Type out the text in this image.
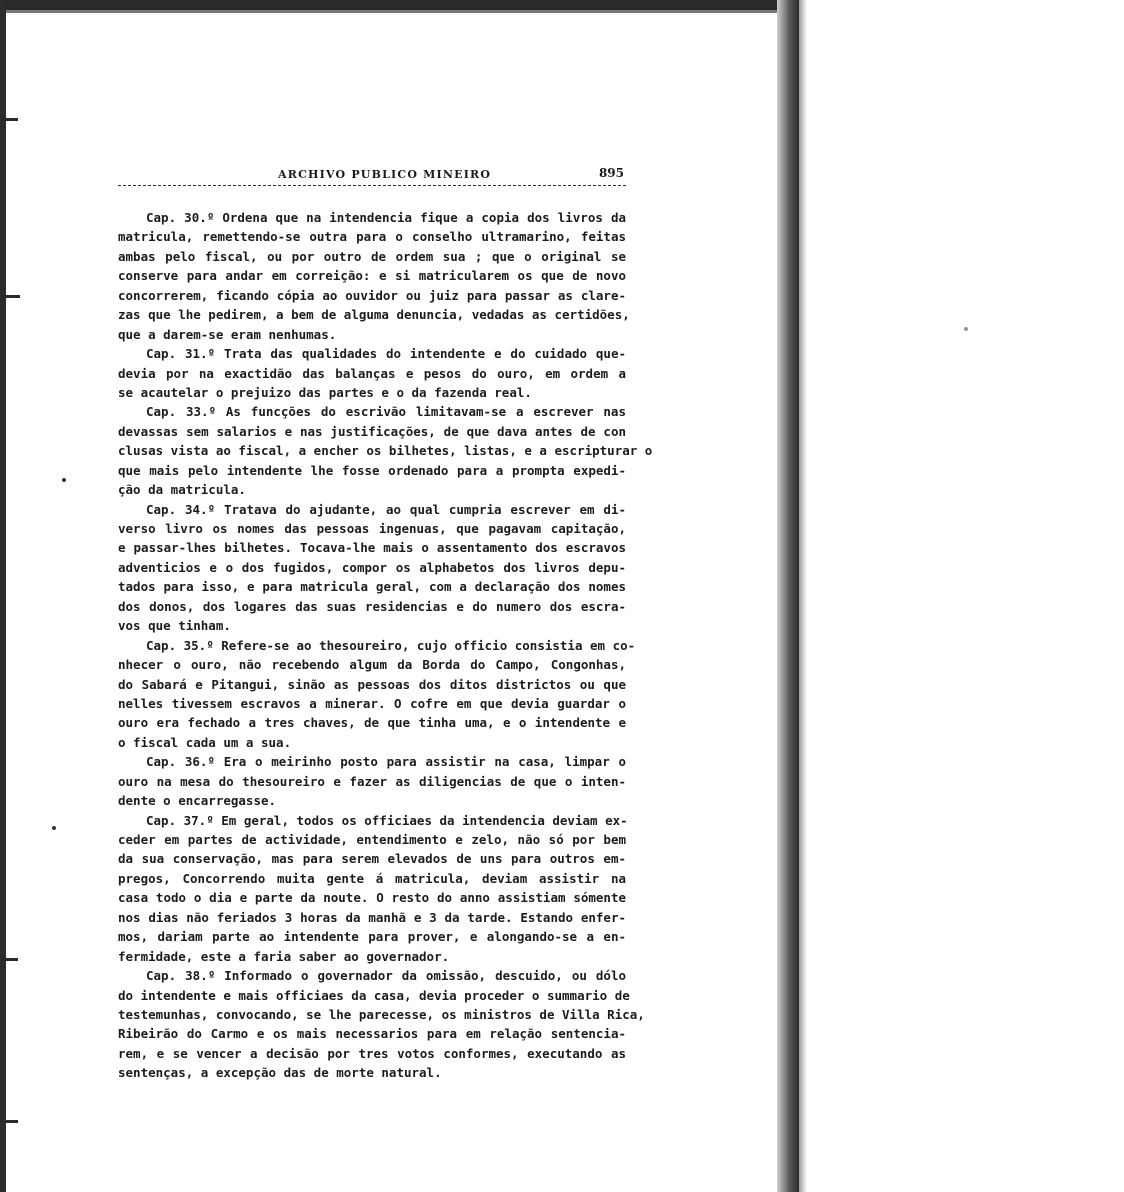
ARCHIVO PUBLICO MINEIRO	895
Cap. 30.º Ordena que na intendencia fique a copia dos livros da
matricula, remettendo-se outra para o conselho ultramarino, feitas
ambas pelo fiscal, ou por outro de ordem sua ; que o original se
conserve para andar em correição: e si matricularem os que de novo
concorrerem, ficando cópia ao ouvidor ou juiz para passar as clare-
zas que lhe pedirem, a bem de alguma denuncia, vedadas as certidões,
que a darem-se eram nenhumas.
Cap. 31.º Trata das qualidades do intendente e do cuidado que-
devia por na exactidão das balanças e pesos do ouro, em ordem a
se acautelar o prejuizo das partes e o da fazenda real.
Cap. 33.º As funcções do escrivão limitavam-se a escrever nas
devassas sem salarios e nas justificações, de que dava antes de con
clusas vista ao fiscal, a encher os bilhetes, listas, e a escripturar o
que mais pelo intendente lhe fosse ordenado para a prompta expedi-
ção da matricula.
Cap. 34.º Tratava do ajudante, ao qual cumpria escrever em di-
verso livro os nomes das pessoas ingenuas, que pagavam capitação,
e passar-lhes bilhetes. Tocava-lhe mais o assentamento dos escravos
adventicios e o dos fugidos, compor os alphabetos dos livros depu-
tados para isso, e para matricula geral, com a declaração dos nomes
dos donos, dos logares das suas residencias e do numero dos escra-
vos que tinham.
Cap. 35.º Refere-se ao thesoureiro, cujo officio consistia em co-
nhecer o ouro, não recebendo algum da Borda do Campo, Congonhas,
do Sabará e Pitangui, sinão as pessoas dos ditos districtos ou que
nelles tivessem escravos a minerar. O cofre em que devia guardar o
ouro era fechado a tres chaves, de que tinha uma, e o intendente e
o fiscal cada um a sua.
Cap. 36.º Era o meirinho posto para assistir na casa, limpar o
ouro na mesa do thesoureiro e fazer as diligencias de que o inten-
dente o encarregasse.
Cap. 37.º Em geral, todos os officiaes da intendencia deviam ex-
ceder em partes de actividade, entendimento e zelo, não só por bem
da sua conservação, mas para serem elevados de uns para outros em-
pregos, Concorrendo muita gente á matricula, deviam assistir na
casa todo o dia e parte da noute. O resto do anno assistiam sómente
nos dias não feriados 3 horas da manhã e 3 da tarde. Estando enfer-
mos, dariam parte ao intendente para prover, e alongando-se a en-
fermidade, este a faria saber ao governador.
Cap. 38.º Informado o governador da omissão, descuido, ou dólo
do intendente e mais officiaes da casa, devia proceder o summario de
testemunhas, convocando, se lhe parecesse, os ministros de Villa Rica,
Ribeirão do Carmo e os mais necessarios para em relação sentencia-
rem, e se vencer a decisão por tres votos conformes, executando as
sentenças, a excepção das de morte natural.
